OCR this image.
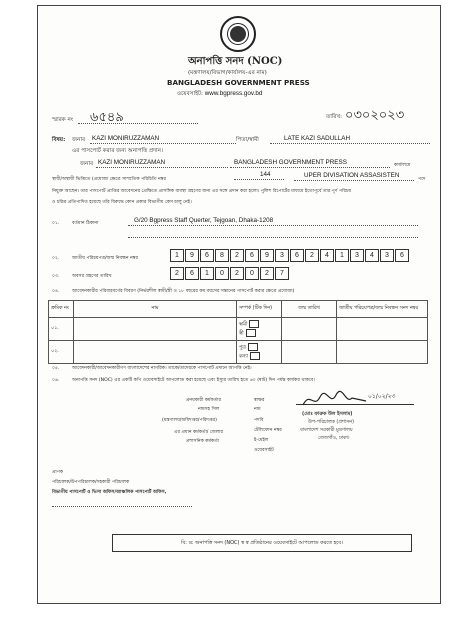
অনাপত্তি সনদ (NOC)
(মন্ত্রণালয়/বিভাগ/কার্যালয়-এর নাম)
BANGLADESH GOVERNMENT PRESS
ওয়েবসাইট: www.bgpress.gov.bd
স্মারক নং ৬৫৪৯	তারিখ: ০৩০২০২৩
বিষয়: জনাব KAZI MONIRUZZAMAN	পিতা/স্বামী	LATE KAZI SADULLAH
এর পাসপোর্ট করার জন্য অনাপত্তি প্রদান।
জনাব KAZI MONIRUZZAMAN	BANGLADESH GOVERNMENT PRESS	কার্যালয়ে
স্থায়ী/অস্থায়ী ভিত্তিতে (প্রযোজ্য ক্ষেত্রে সাম্প্রতিক পরিচিতি নম্বর
144	UPER DIVISATION ASSASISTEN
পদে
নিযুক্ত আছেন। তার পাসপোর্ট প্রাপ্তির আবেদনের প্রেক্ষিতে প্রাসঙ্গিক ব্যবস্থা গ্রহণের জন্য এর সঙ্গে প্রদান করা হলো। পুলিশ রিপোর্টের মাধ্যমে ইতোপূর্বে তার পূর্ণ পরিচয়
ও চরিত্র প্রতিপাদিত হয়েছে তাঁর বিরুদ্ধে কোন প্রকার বিভাগীয় কেস চালু নেই।
০১.	বর্তমান ঠিকানা	G/20 Bgpress Staff Querter, Tejgoan, Dhaka-1208
০২.	জাতীয় পরিচয়পত্র/জন্ম নিবন্ধন নম্বর	1	9	6	8	2	6	9	3	6	2	4	1	3	4	3	6
০৩.	অবসর গ্রহণের তারিখ	2	6	1	0	2	0	2	7
০৪.	আবেদনকারীর পরিবারবর্গের বিবরণ (নির্ভরশীল স্বামী/স্ত্রী ও ১৮ বছরের কম বয়সের সন্তানের পাসপোর্ট করার ক্ষেত্রে প্রযোজ্য)
ক্রমিক নং	নাম	সম্পর্ক (টিক দিন)	জন্ম তারিখ	জাতীয় পরিচয়পত্র/জন্ম নিবন্ধন সনদ নম্বর
০১.		স্বামী
স্ত্রী		

০২.		পুত্র
কন্যা		

০৫.	আবেদনকারী/আবেদনকারীগণ বাংলাদেশের নাগরিক। তাকে/তাদেরকে পাসপোর্ট প্রদানে আপত্তি নেই।
০৬.	অনাপত্তি সনদ (NOC) এর একটি কপি ওয়েবসাইটে আপলোড করা হয়েছে এবং ইস্যুর তারিখ হতে ৬০ (ষাট) দিন পর্যন্ত কার্যকর থাকবে।
প্রনয়কারী কর্মকর্তার
নামসহ সিল
(মন্ত্রণালয়/অধিদপ্তর/পরিদপ্তর)
এর প্রধান কর্মকর্তা/ জেলার
প্রশাসনিক কর্মকর্তা
স্বাক্ষর
নাম
পদবি
টেলিফোন নম্বর
ই-মেইল
ওয়েবসাইট
০১/০২/২৩
(মোঃ ফারুক উল ইসলাম)
উপ-পরিচালক (প্রশাসন)
বাংলাদেশ সরকারী মুদ্রণালয়
তেজগাঁও, ঢাকা।
প্রাপক
পরিচালক/উপপরিচালক/সহকারী পরিচালক
বিভাগীয় পাসপোর্ট ও ভিসা অফিস/আঞ্চলিক পাসপোর্ট অফিস,
বি: দ্র: অনাপত্তি সনদ (NOC) স্ব স্ব প্রতিষ্ঠানের ওয়েবসাইটে আপলোড করতে হবে।
